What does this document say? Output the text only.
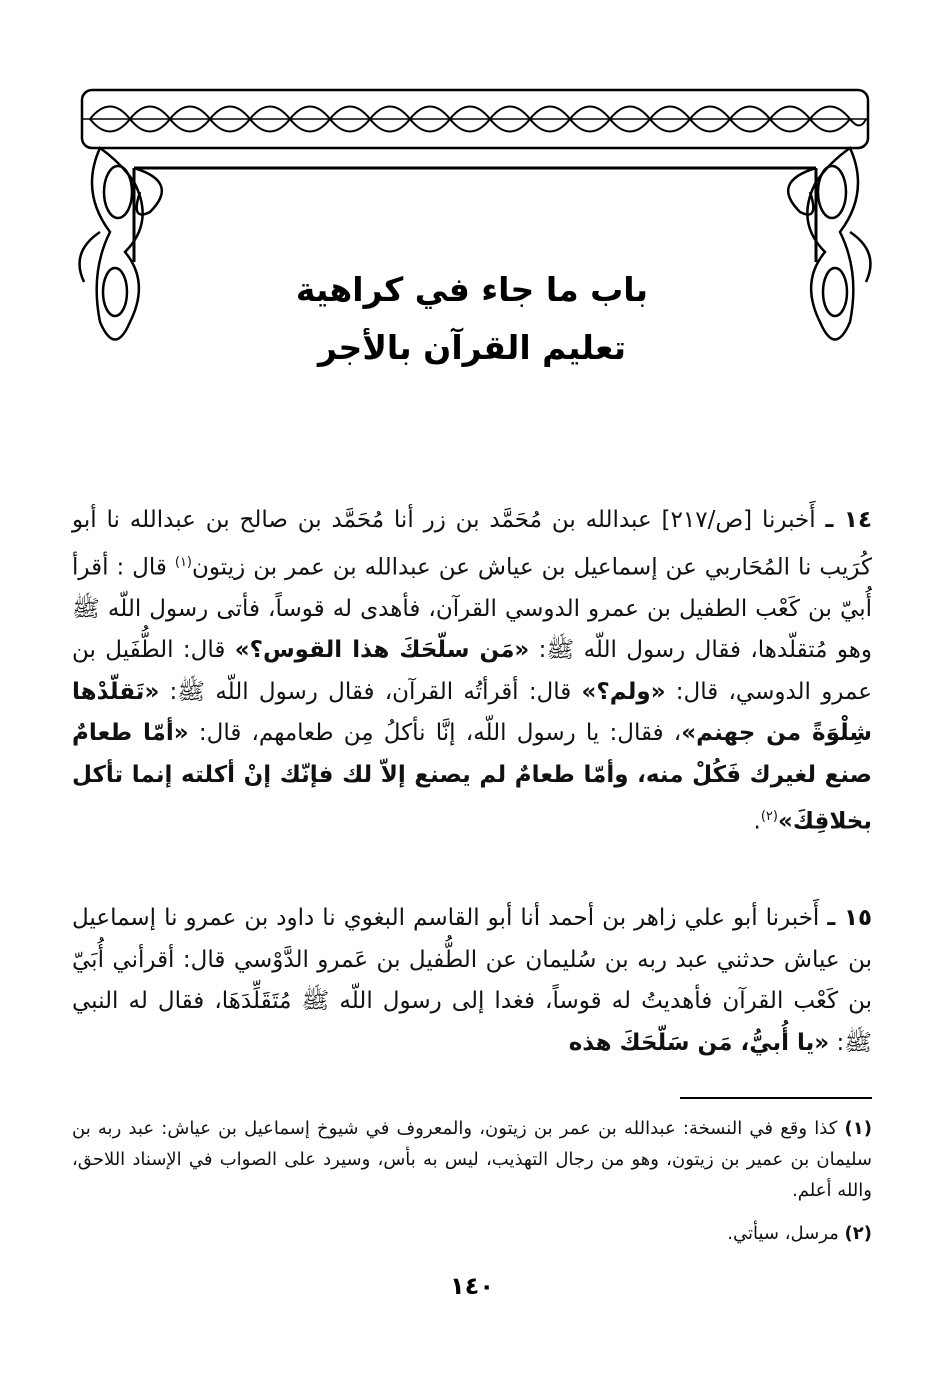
باب ما جاء في كراهية
تعليم القرآن بالأجر
١٤ ـ أَخبرنا [ص/٢١٧] عبدالله بن مُحَمَّد بن زر أنا مُحَمَّد بن صالح بن عبدالله نا أبو كُرَيب نا المُحَاربي عن إسماعيل بن عياش عن عبدالله بن عمر بن زيتون$^{(١)}$ قال : أقرأ أُبيّ بن كَعْب الطفيل بن عمرو الدوسي القرآن، فأهدى له قوساً، فأتى رسول اللّه ﷺ وهو مُتقلّدها، فقال رسول اللّه ﷺ: «مَن سلّحَكَ هذا القوس؟» قال: الطُّفَيل بن عمرو الدوسي، قال: «ولم؟» قال: أقرأتُه القرآن، فقال رسول اللّه ﷺ: «تَقلّدْها شِلْوَةً من جهنم»، فقال: يا رسول اللّه، إنَّا نأكلُ مِن طعامهم، قال: «أمّا طعامٌ صنع لغيرك فَكُلْ منه، وأمّا طعامٌ لم يصنع إلاّ لك فإنّك إنْ أكلته إنما تأكل بخلاقِكَ»$^{(٢)}$.
١٥ ـ أَخبرنا أبو علي زاهر بن أحمد أنا أبو القاسم البغوي نا داود بن عمرو نا إسماعيل بن عياش حدثني عبد ربه بن سُليمان عن الطُّفيل بن عَمرو الدَّوْسي قال: أقرأني أُبَيّ بن كَعْب القرآن فأهديتُ له قوساً، فغدا إلى رسول اللّه ﷺ مُتَقَلِّدَهَا، فقال له النبي ﷺ: «يا أُبيُّ، مَن سَلّحَكَ هذه
(١) كذا وقع في النسخة: عبدالله بن عمر بن زيتون، والمعروف في شيوخ إسماعيل بن عياش: عبد ربه بن سليمان بن عمير بن زيتون، وهو من رجال التهذيب، ليس به بأس، وسيرد على الصواب في الإسناد اللاحق، والله أعلم.
(٢) مرسل، سيأتي.
١٤٠
